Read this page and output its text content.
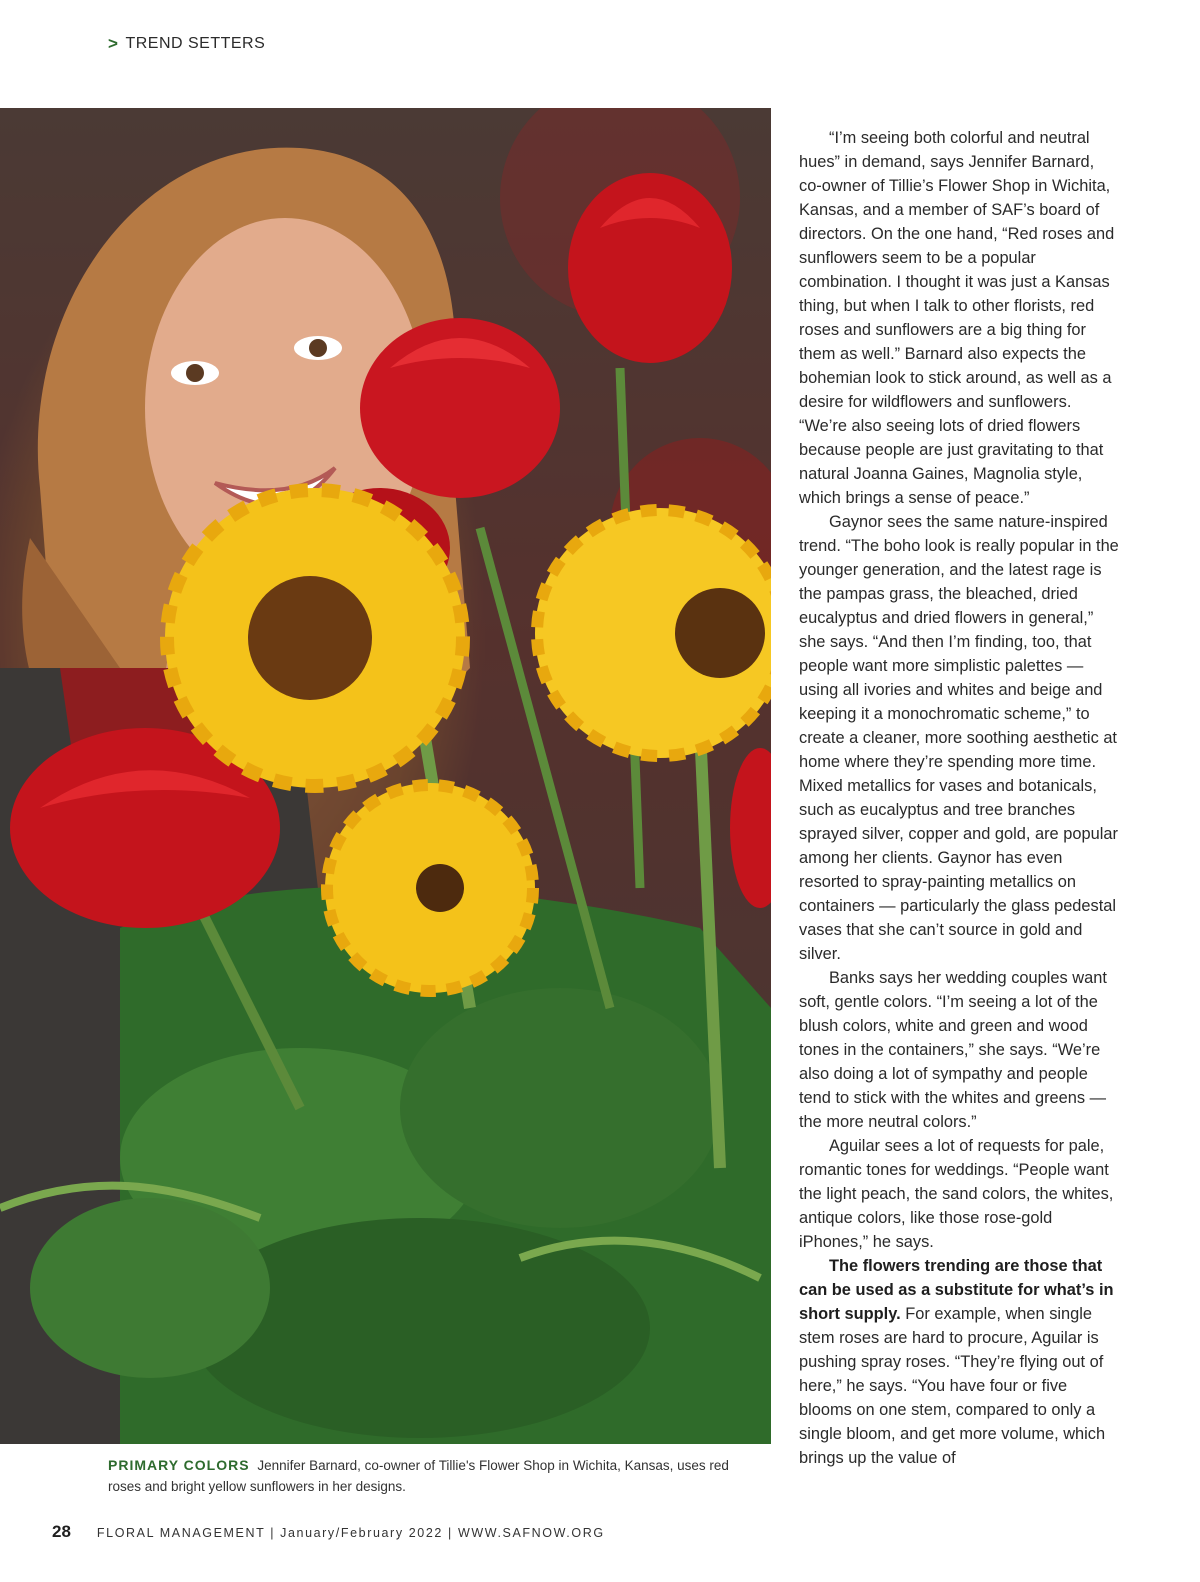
> TREND SETTERS
PRIMARY COLORS Jennifer Barnard, co-owner of Tillie's Flower Shop in Wichita, Kansas, uses red roses and bright yellow sunflowers in her designs.

“I’m seeing both colorful and neutral hues” in demand, says Jennifer Barnard, co-owner of Tillie’s Flower Shop in Wichita, Kansas, and a member of SAF’s board of directors. On the one hand, “Red roses and sunflowers seem to be a popular combination. I thought it was just a Kansas thing, but when I talk to other florists, red roses and sunflowers are a big thing for them as well.” Barnard also expects the bohemian look to stick around, as well as a desire for wildflowers and sunflowers. “We’re also seeing lots of dried flowers because people are just gravitating to that natural Joanna Gaines, Magnolia style, which brings a sense of peace.”

Gaynor sees the same nature-inspired trend. “The boho look is really popular in the younger generation, and the latest rage is the pampas grass, the bleached, dried eucalyptus and dried flowers in general,” she says. “And then I’m finding, too, that people want more simplistic palettes — using all ivories and whites and beige and keeping it a monochromatic scheme,” to create a cleaner, more soothing aesthetic at home where they’re spending more time. Mixed metallics for vases and botanicals, such as eucalyptus and tree branches sprayed silver, copper and gold, are popular among her clients. Gaynor has even resorted to spray-painting metallics on containers — particularly the glass pedestal vases that she can’t source in gold and silver.

Banks says her wedding couples want soft, gentle colors. “I’m seeing a lot of the blush colors, white and green and wood tones in the containers,” she says. “We’re also doing a lot of sympathy and people tend to stick with the whites and greens — the more neutral colors.”

Aguilar sees a lot of requests for pale, romantic tones for weddings. “People want the light peach, the sand colors, the whites, antique colors, like those rose-gold iPhones,” he says.

The flowers trending are those that can be used as a substitute for what’s in short supply. For example, when single stem roses are hard to procure, Aguilar is pushing spray roses. “They’re flying out of here,” he says. “You have four or five blooms on one stem, compared to only a single bloom, and get more volume, which brings up the value of

28 FLORAL MANAGEMENT | January/February 2022 | WWW.SAFNOW.ORG
